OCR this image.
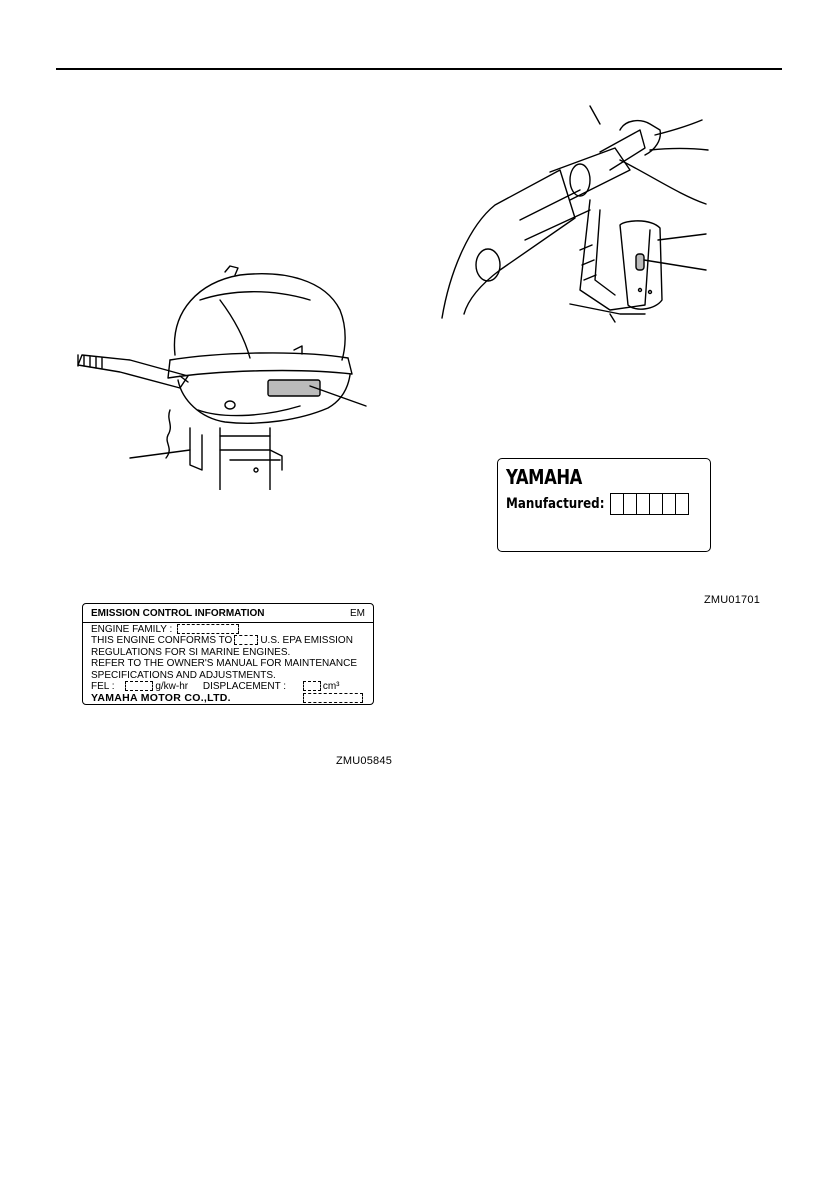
YAMAHA
Manufactured:
EMISSION CONTROL INFORMATION	EM
ENGINE FAMILY :
THIS ENGINE CONFORMS TO	U.S. EPA EMISSION
REGULATIONS FOR SI MARINE ENGINES.
REFER TO THE OWNER'S MANUAL FOR MAINTENANCE
SPECIFICATIONS AND ADJUSTMENTS.
FEL :	g/kw-hr DISPLACEMENT :	cm³
YAMAHA MOTOR CO.,LTD.
ZMU05845
ZMU01701
